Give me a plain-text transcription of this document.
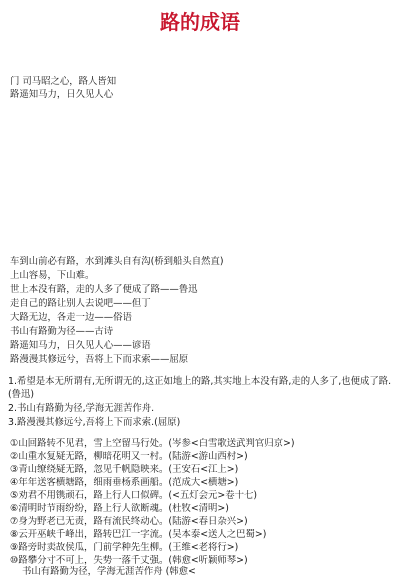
路的成语
门 司马昭之心，路人皆知
路遥知马力，日久见人心
车到山前必有路，水到滩头自有沟(桥到船头自然直)
上山容易，下山难。
世上本没有路，走的人多了便成了路——鲁迅
走自己的路让别人去说吧——但丁
大路无边，各走一边——俗语
书山有路勤为径——古诗
路遥知马力，日久见人心——谚语
路漫漫其修远兮，吾将上下而求索——屈原
1.希望是本无所谓有,无所谓无的,这正如地上的路,其实地上本没有路,走的人多了,也便成了路.(鲁迅)
2.书山有路勤为径,学海无涯苦作舟.
3.路漫漫其修远兮,吾将上下而求索.(屈原)
①山回路转不见君，雪上空留马行处。(岑参<白雪歌送武判官归京>)
②山重水复疑无路，柳暗花明又一村。(陆游<游山西村>)
③青山缭绕疑无路，忽见千帆隐映来。(王安石<江上>)
④年年送客横塘路，细雨垂杨系画船。(范成大<横塘>)
⑤劝君不用镌顽石，路上行人口似碑。(<五灯会元>卷十七)
⑥清明时节雨纷纷，路上行人欲断魂。(杜牧<清明>)
⑦身为野老已无责，路有流民终动心。(陆游<春日杂兴>)
⑧云开巫峡千峰出，路转巴江一字流。(吴本泰<送人之巴蜀>)
⑨路旁时卖故侯瓜，门前学种先生柳。(王维<老将行>)
⑩路攀分寸不可上，失势一落千丈强。(韩愈<听颖师琴>)
书山有路勤为径，学海无涯苦作舟 (韩愈<
